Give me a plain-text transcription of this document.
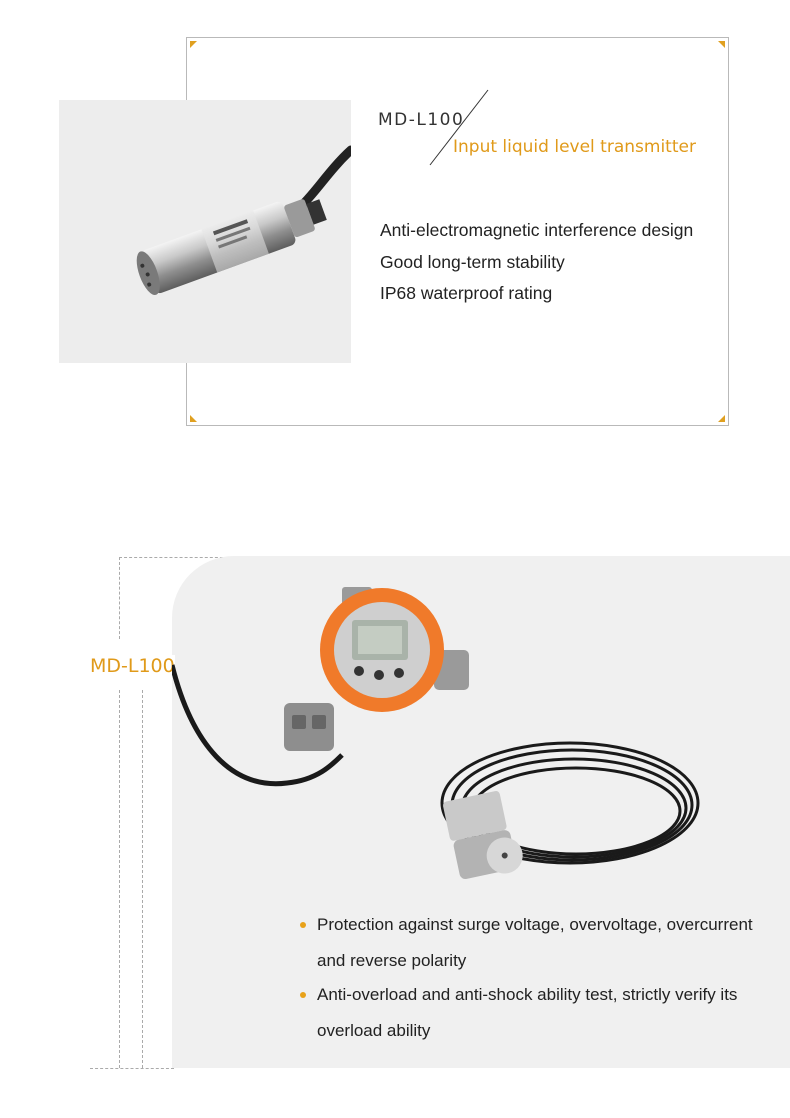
MD-L100
Input liquid level transmitter
Anti-electromagnetic interference design
Good long-term stability
IP68 waterproof rating
MD-L100
Protection against surge voltage, overvoltage, overcurrent
and reverse polarity
Anti-overload and anti-shock ability test, strictly verify its
overload ability
